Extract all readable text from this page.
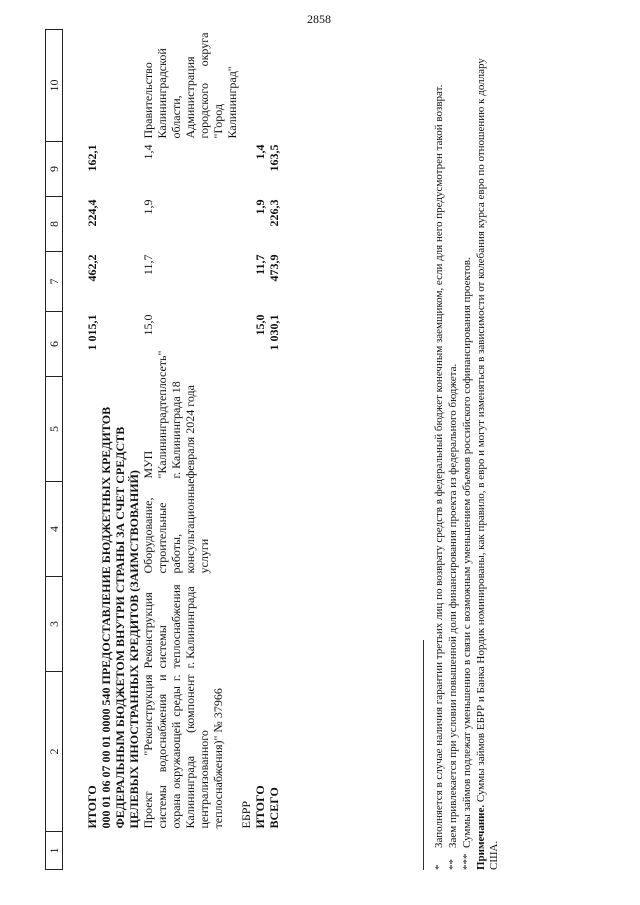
2858
1	2	3	4	5	6	7	8	9	10

	ИТОГО				1 015,1	462,2	224,4	162,1	
	000 01 06 07 00 01 0000 540 ПРЕДОСТАВЛЕНИЕ БЮДЖЕТНЫХ КРЕДИТОВ ФЕДЕРАЛЬНЫМ БЮДЖЕТОМ ВНУТРИ СТРАНЫ ЗА СЧЕТ СРЕДСТВ ЦЕЛЕВЫХ ИНОСТРАННЫХ КРЕДИТОВ (ЗАИМСТВОВАНИЙ)								
	Проект "Реконструкция системы водоснабжения и охрана окружающей среды г. Калининграда (компонент централизованного теплоснабжения)" № 37966	Реконструкция системы теплоснабжения г. Калининграда	Оборудование, строительные работы, консультационные услуги	МУП "Калининградтеплосеть" г. Калининграда 18 февраля 2024 года	15,0	11,7	1,9	1,4	Правительство Калининградской области, Администрация городского округа "Город Калининград"
	ЕБРР								
	ИТОГО				15,0	11,7	1,9	1,4	
	ВСЕГО				1 030,1	473,9	226,3	163,5	
*Заполняется в случае наличия гарантии третьих лиц по возврату средств в федеральный бюджет конечным заемщиком, если для него предусмотрен такой возврат.
**Заем привлекается при условии повышенной доли финансирования проекта из федерального бюджета.
***Суммы займов подлежат уменьшению в связи с возможным уменьшением объемов российского софинансирования проектов. Примечание. Суммы займов ЕБРР и Банка Нордик номинированы, как правило, в евро и могут изменяться в зависимости от колебания курса евро по отношению к доллару США.
